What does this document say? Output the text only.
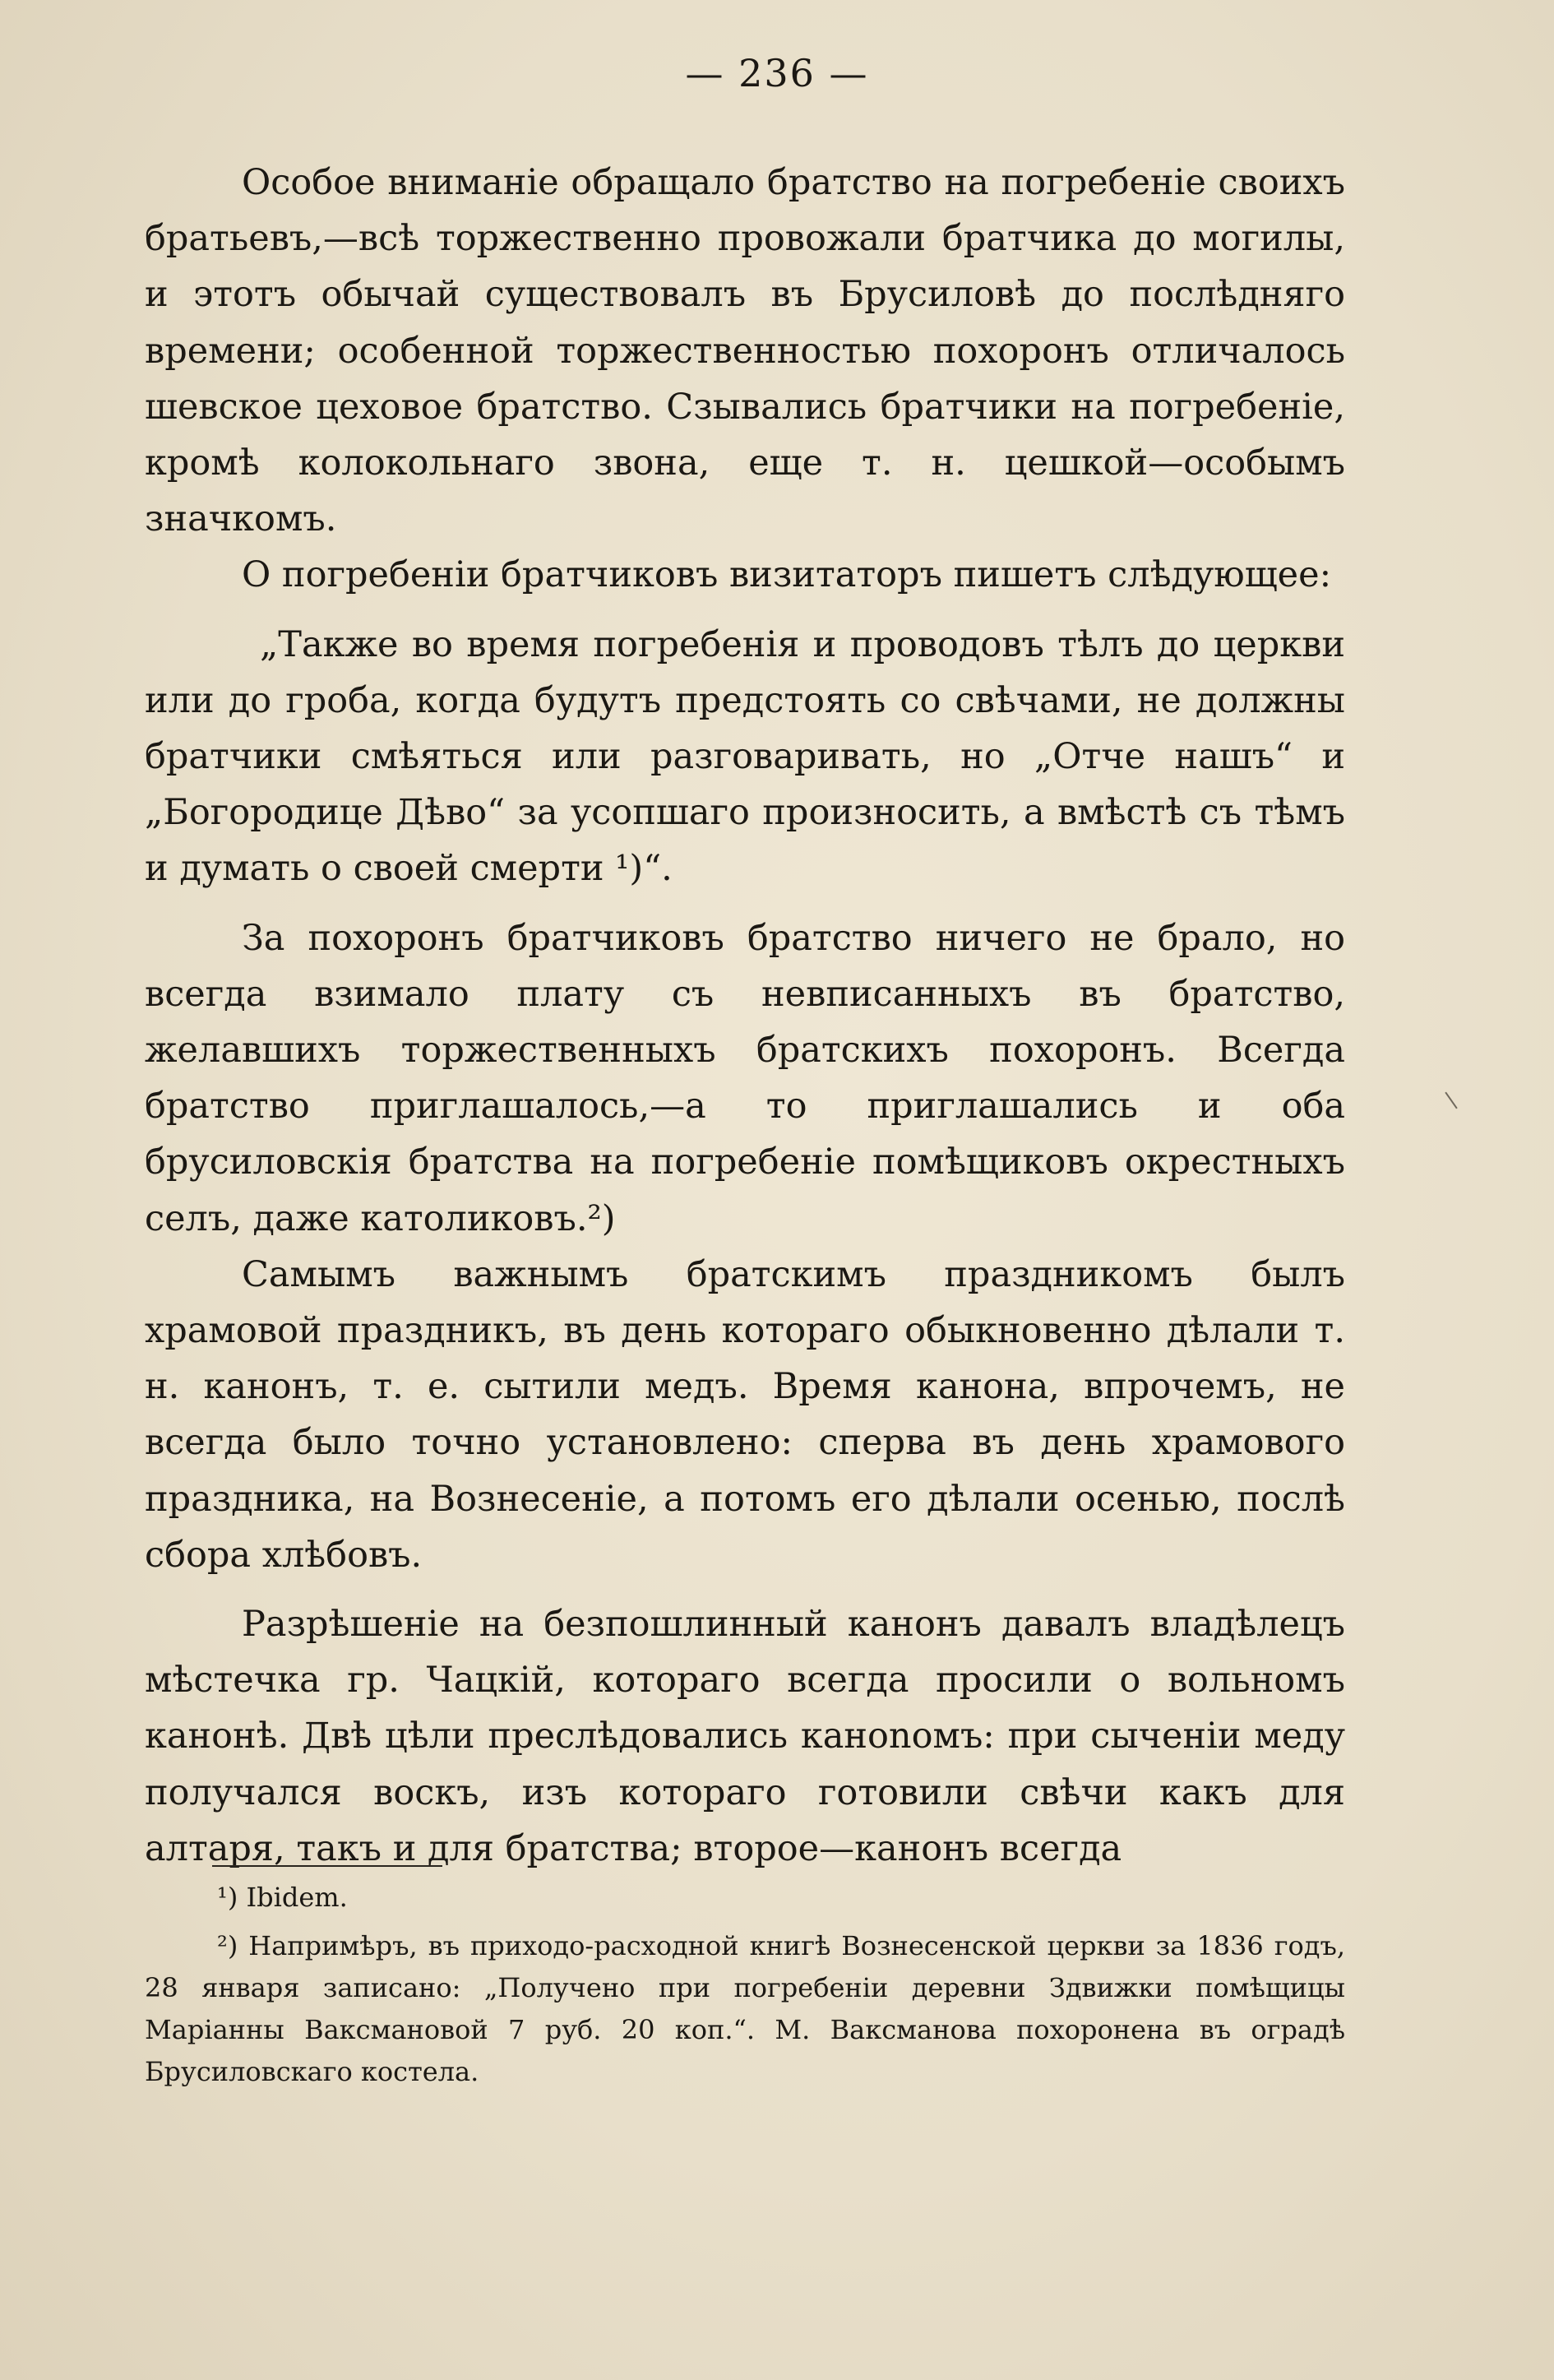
— 236 —

Особое вниманіе обращало братство на погребеніе своихъ братьевъ,—всѣ торжественно провожали братчика до могилы, и этотъ обычай существовалъ въ Брусиловѣ до послѣдняго времени; особенной торжественностью похоронъ отличалось шевское цеховое братство. Сзывались братчики на погребеніе, кромѣ колокольнаго звона, еще т. н. цешкой—особымъ значкомъ.

О погребеніи братчиковъ визитаторъ пишетъ слѣдующее:

„Также во время погребенія и проводовъ тѣлъ до церкви или до гроба, когда будутъ предстоять со свѣчами, не должны братчики смѣяться или разговаривать, но „Отче нашъ“ и „Богородице Дѣво“ за усопшаго произносить, а вмѣстѣ съ тѣмъ и думать о своей смерти ¹)“.

За похоронъ братчиковъ братство ничего не брало, но всегда взимало плату съ невписанныхъ въ братство, желавшихъ торжественныхъ братскихъ похоронъ. Всегда братство приглашалось,—а то приглашались и оба брусиловскія братства на погребеніе помѣщиковъ окрестныхъ селъ, даже католиковъ.²)

Самымъ важнымъ братскимъ праздникомъ былъ храмовой праздникъ, въ день котораго обыкновенно дѣлали т. н. канонъ, т. е. сытили медъ. Время канона, впрочемъ, не всегда было точно установлено: сперва въ день храмового праздника, на Вознесеніе, а потомъ его дѣлали осенью, послѣ сбора хлѣбовъ.

Разрѣшеніе на безпошлинный канонъ давалъ владѣлецъ мѣстечка гр. Чацкій, котораго всегда просили о вольномъ канонѣ. Двѣ цѣли преслѣдовались каноnомъ: при сыченіи меду получался воскъ, изъ котораго готовили свѣчи какъ для алтаря, такъ и для братства; второе—канонъ всегда

¹) Ibidem.

²) Напримѣръ, въ приходо-расходной книгѣ Вознесенской церкви за 1836 годъ, 28 января записано: „Получено при погребеніи деревни Здвижки помѣщицы Маріанны Ваксмановой 7 руб. 20 коп.“. М. Ваксманова похоронена въ оградѣ Брусиловскаго костела.
